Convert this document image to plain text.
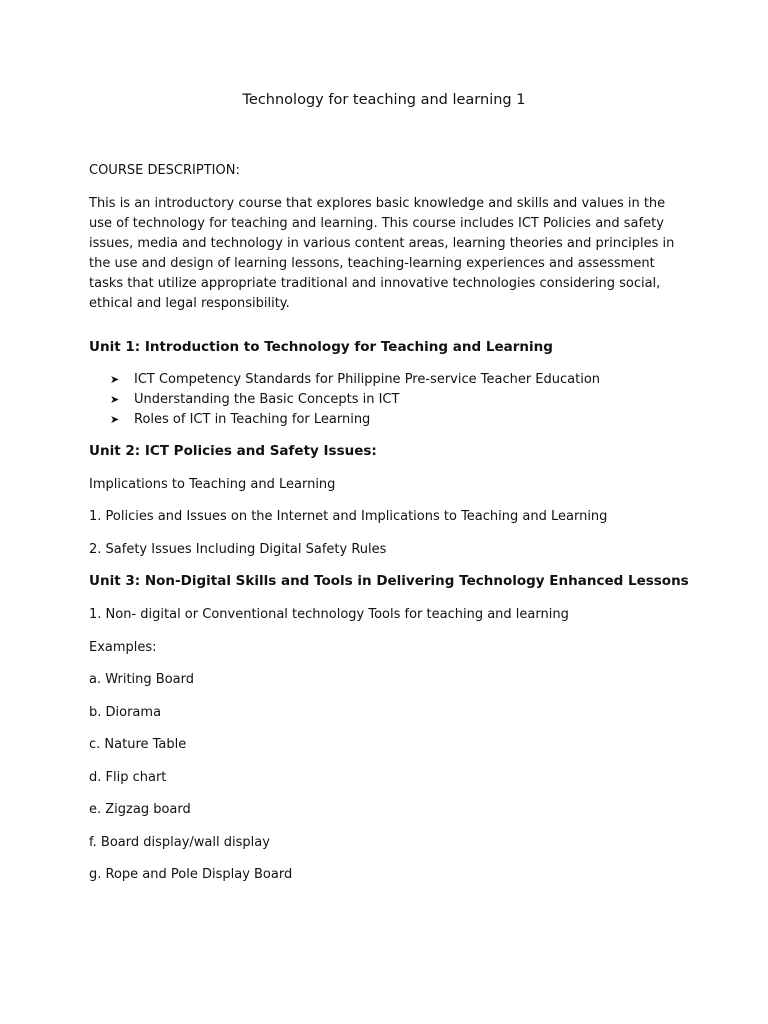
Technology for teaching and learning 1

COURSE DESCRIPTION:

This is an introductory course that explores basic knowledge and skills and values in the use of technology for teaching and learning. This course includes ICT Policies and safety issues, media and technology in various content areas, learning theories and principles in the use and design of learning lessons, teaching-learning experiences and assessment tasks that utilize appropriate traditional and innovative technologies considering social, ethical and legal responsibility.

Unit 1: Introduction to Technology for Teaching and Learning
➤	ICT Competency Standards for Philippine Pre-service Teacher Education
➤	Understanding the Basic Concepts in ICT
➤	Roles of ICT in Teaching for Learning
Unit 2: ICT Policies and Safety Issues:

Implications to Teaching and Learning

1. Policies and Issues on the Internet and Implications to Teaching and Learning

2. Safety Issues Including Digital Safety Rules

Unit 3: Non-Digital Skills and Tools in Delivering Technology Enhanced Lessons

1. Non- digital or Conventional technology Tools for teaching and learning

Examples:

a. Writing Board

b. Diorama

c. Nature Table

d. Flip chart

e. Zigzag board

f. Board display/wall display

g. Rope and Pole Display Board
